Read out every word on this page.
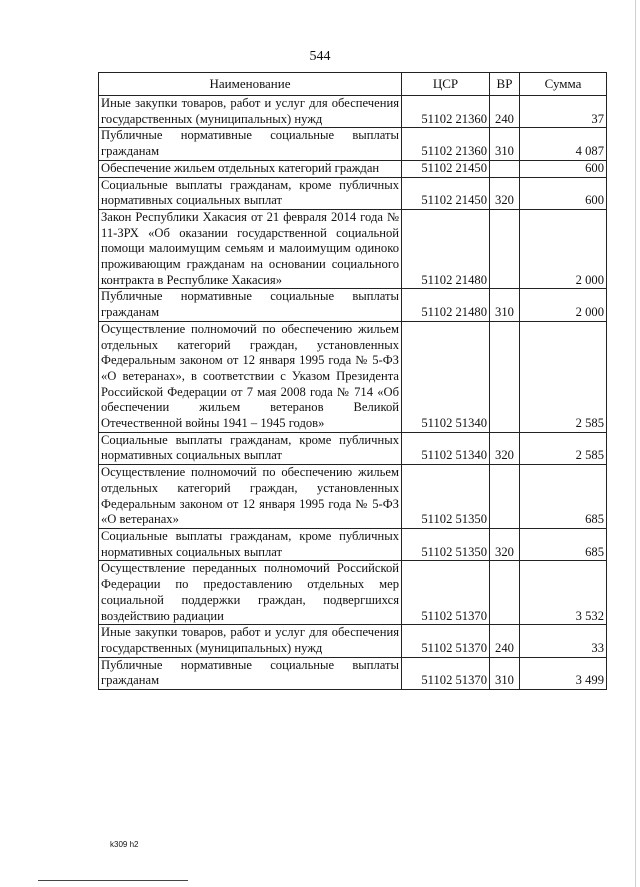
544
Наименование	ЦСР	ВР	Сумма
Иные закупки товаров, работ и услуг для обеспечения государственных (муниципальных) нужд	51102 21360	240	37
Публичные нормативные социальные выплаты гражданам	51102 21360	310	4 087
Обеспечение жильем отдельных категорий граждан	51102 21450		600
Социальные выплаты гражданам, кроме публичных нормативных социальных выплат	51102 21450	320	600
Закон Республики Хакасия от 21 февраля 2014 года № 11-ЗРХ «Об оказании государственной социальной помощи малоимущим семьям и малоимущим одиноко проживающим гражданам на основании социального контракта в Республике Хакасия»	51102 21480		2 000
Публичные нормативные социальные выплаты гражданам	51102 21480	310	2 000
Осуществление полномочий по обеспечению жильем отдельных категорий граждан, установленных Федеральным законом от 12 января 1995 года № 5-ФЗ «О ветеранах», в соответствии с Указом Президента Российской Федерации от 7 мая 2008 года № 714 «Об обеспечении жильем ветеранов Великой Отечественной войны 1941 – 1945 годов»	51102 51340		2 585
Социальные выплаты гражданам, кроме публичных нормативных социальных выплат	51102 51340	320	2 585
Осуществление полномочий по обеспечению жильем отдельных категорий граждан, установленных Федеральным законом от 12 января 1995 года № 5-ФЗ «О ветеранах»	51102 51350		685
Социальные выплаты гражданам, кроме публичных нормативных социальных выплат	51102 51350	320	685
Осуществление переданных полномочий Российской Федерации по предоставлению отдельных мер социальной поддержки граждан, подвергшихся воздействию радиации	51102 51370		3 532
Иные закупки товаров, работ и услуг для обеспечения государственных (муниципальных) нужд	51102 51370	240	33
Публичные нормативные социальные выплаты гражданам	51102 51370	310	3 499
k309 h2
